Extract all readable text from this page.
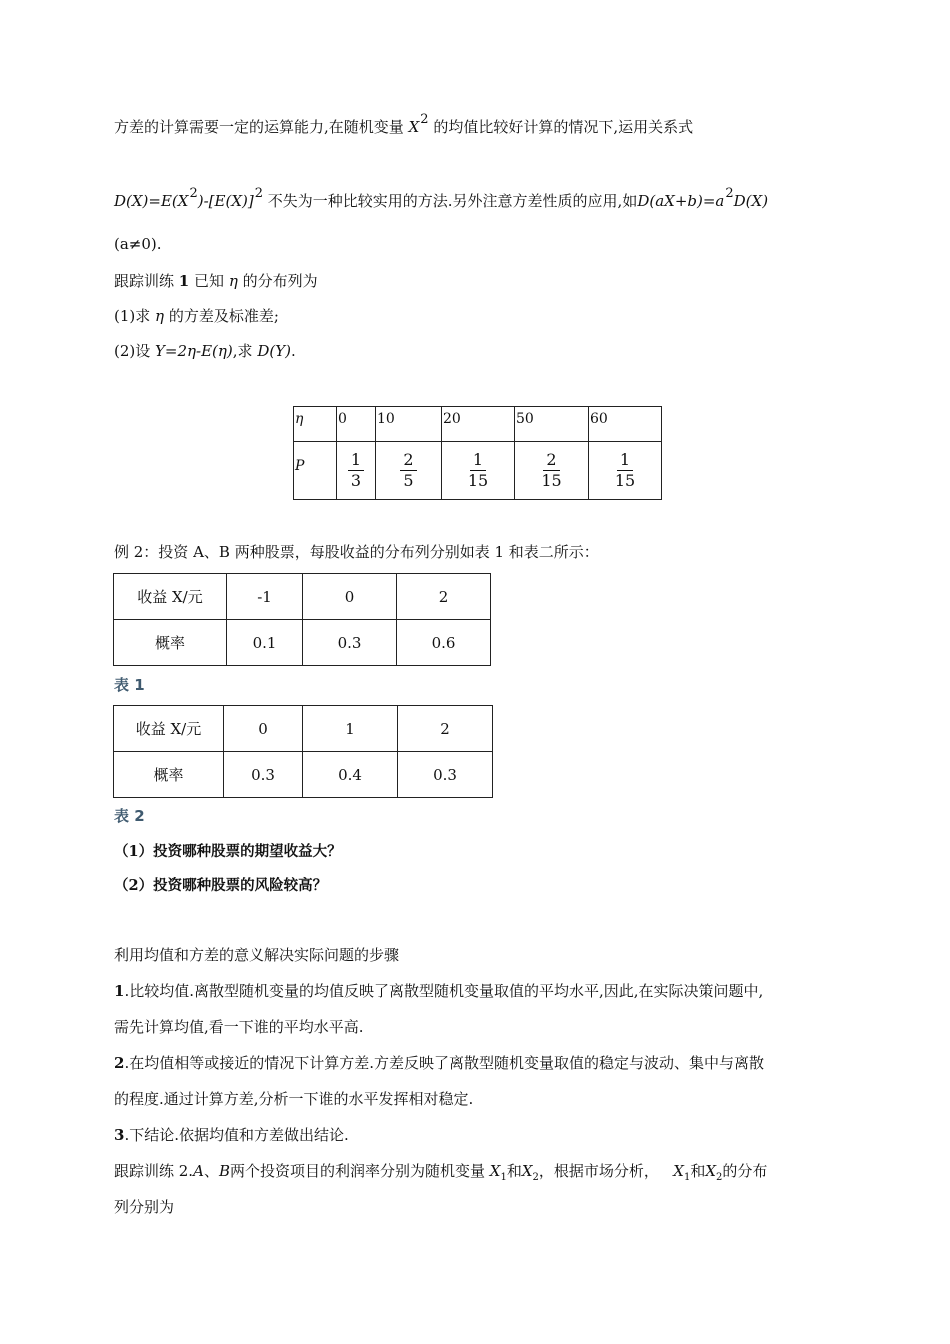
方差的计算需要一定的运算能力,在随机变量 $X^2$ 的均值比较好计算的情况下,运用关系式
$D(X)=E(X^2)-[E(X)]^2$ 不失为一种比较实用的方法.另外注意方差性质的应用,如$D(aX+b)=a^2D(X)$
(a≠0).
跟踪训练 1 已知 η 的分布列为
(1)求 η 的方差及标准差;
(2)设 Y=2η-E(η),求 D(Y).
η	0	10	20	50	60
P	$\frac{1}{3}$	$\frac{2}{5}$	$\frac{1}{15}$	$\frac{2}{15}$	$\frac{1}{15}$
例 2：投资 A、B 两种股票，每股收益的分布列分别如表 1 和表二所示：
收益 X/元	-1	0	2
概率	0.1	0.3	0.6
表 1
收益 X/元	0	1	2
概率	0.3	0.4	0.3
表 2
（1）投资哪种股票的期望收益大？
（2）投资哪种股票的风险较高？
利用均值和方差的意义解决实际问题的步骤
1.比较均值.离散型随机变量的均值反映了离散型随机变量取值的平均水平,因此,在实际决策问题中,
需先计算均值,看一下谁的平均水平高.
2.在均值相等或接近的情况下计算方差.方差反映了离散型随机变量取值的稳定与波动、集中与离散
的程度.通过计算方差,分析一下谁的水平发挥相对稳定.
3.下结论.依据均值和方差做出结论.
跟踪训练 2.A、B两个投资项目的利润率分别为随机变量 $X_1$和$X_2$，根据市场分析， $X_1$和$X_2$的分布
列分别为
